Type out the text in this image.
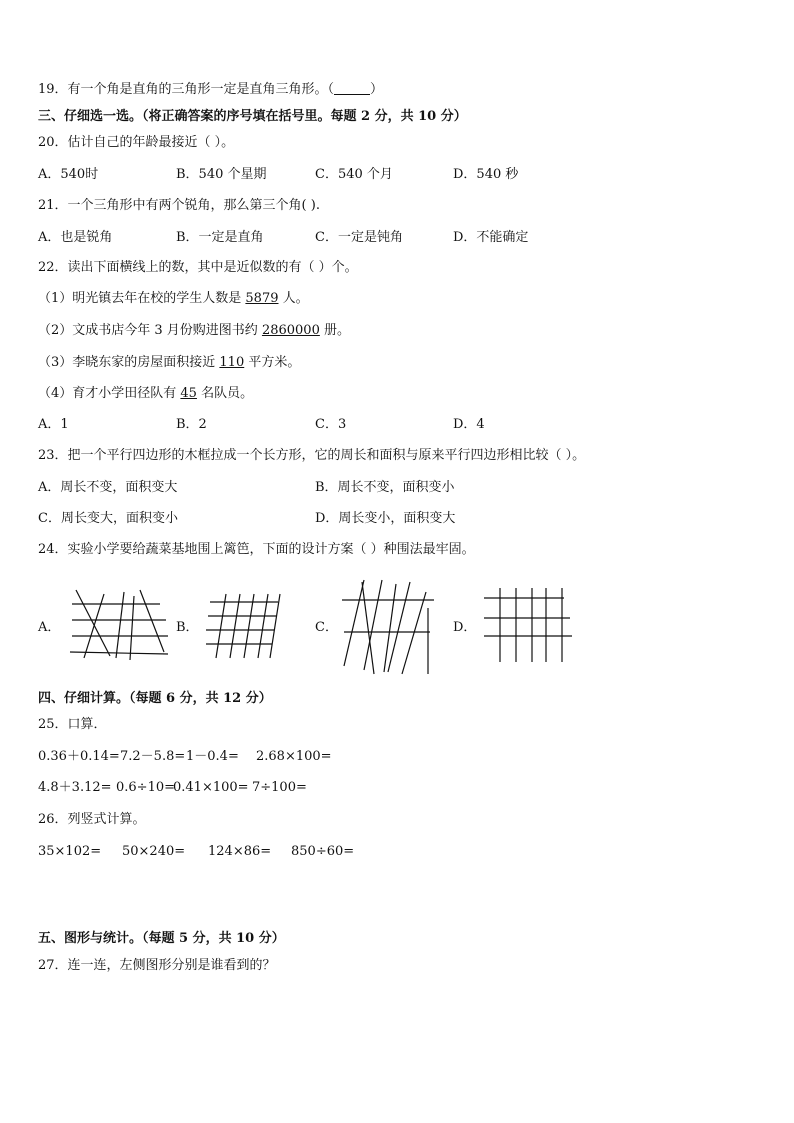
19．有一个角是直角的三角形一定是直角三角形。（	）
三、仔细选一选。（将正确答案的序号填在括号里。每题 2 分，共 10 分）
20．估计自己的年龄最接近（ ）。
A．540时	B．540 个星期	C．540 个月	D．540 秒
21．一个三角形中有两个锐角，那么第三个角( ).
A．也是锐角	B．一定是直角	C．一定是钝角	D．不能确定
22．读出下面横线上的数，其中是近似数的有（ ）个。
（1）明光镇去年在校的学生人数是 5879 人。
（2）文成书店今年 3 月份购进图书约 2860000 册。
（3）李晓东家的房屋面积接近 110 平方米。
（4）育才小学田径队有 45 名队员。
A．1	B．2	C．3	D．4
23．把一个平行四边形的木框拉成一个长方形，它的周长和面积与原来平行四边形相比较（ ）。
A．周长不变，面积变大	B．周长不变，面积变小
C．周长变大，面积变小	D．周长变小，面积变大
24．实验小学要给蔬菜基地围上篱笆，下面的设计方案（ ）种围法最牢固。
A．	B．	C．	D．
四、仔细计算。（每题 6 分，共 12 分）
25．口算．
0.36＋0.14= 7.2－5.8= 1－0.4= 2.68×100=
4.8＋3.12= 0.6÷10=
0.41×100= 7÷100=
26．列竖式计算。
35×102= 50×240= 124×86= 850÷60=
五、图形与统计。（每题 5 分，共 10 分）
27．连一连，左侧图形分别是谁看到的？
